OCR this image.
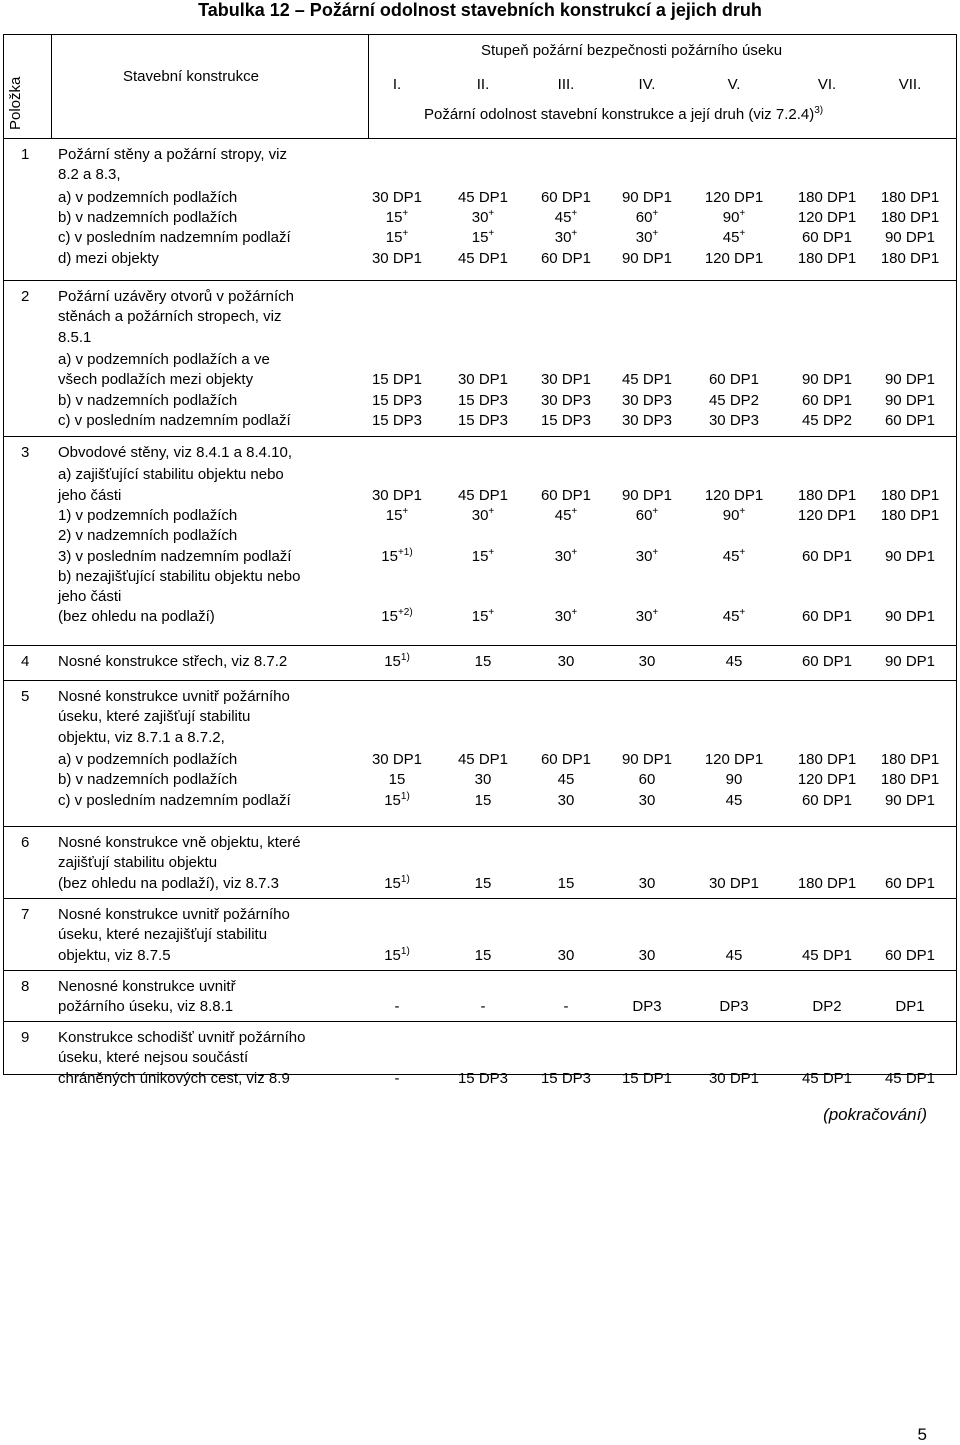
Tabulka 12 – Požární odolnost stavebních konstrukcí a jejich druh
Položka
Stavební konstrukce
Stupeň požární bezpečnosti požárního úseku
Požární odolnost stavební konstrukce a její druh (viz 7.2.4)$^{3)}$
I.	II.	III.	IV.	V.	VI.	VII.
1 Požární stěny a požární stropy, viz
8.2 a 8.3,
a) v podzemních podlažích	30 DP1	45 DP1	60 DP1	90 DP1	120 DP1	180 DP1	180 DP1
b) v nadzemních podlažích	15+	30+	45+	60+	90+	120 DP1	180 DP1
c) v posledním nadzemním podlaží	15+	15+	30+	30+	45+	60 DP1	90 DP1
d) mezi objekty	30 DP1	45 DP1	60 DP1	90 DP1	120 DP1	180 DP1	180 DP1
2 Požární uzávěry otvorů v požárních
stěnách a požárních stropech, viz
8.5.1
a) v podzemních podlažích a ve
všech podlažích mezi objekty	15 DP1	30 DP1	30 DP1	45 DP1	60 DP1	90 DP1	90 DP1
b) v nadzemních podlažích	15 DP3	15 DP3	30 DP3	30 DP3	45 DP2	60 DP1	90 DP1
c) v posledním nadzemním podlaží	15 DP3	15 DP3	15 DP3	30 DP3	30 DP3	45 DP2	60 DP1
3 Obvodové stěny, viz 8.4.1 a 8.4.10,
a) zajišťující stabilitu objektu nebo
jeho části	30 DP1	45 DP1	60 DP1	90 DP1	120 DP1	180 DP1	180 DP1
1) v podzemních podlažích	15+	30+	45+	60+	90+	120 DP1	180 DP1
2) v nadzemních podlažích
3) v posledním nadzemním podlaží	$15^{+1)}$	15+	30+	30+	45+	60 DP1	90 DP1
b) nezajišťující stabilitu objektu nebo
jeho části
(bez ohledu na podlaží)	$15^{+2)}$	15+	30+	30+	45+	60 DP1	90 DP1
4 Nosné konstrukce střech, viz 8.7.2	15$^{1)}$	15	30	30	45	60 DP1	90 DP1
5 Nosné konstrukce uvnitř požárního
úseku, které zajišťují stabilitu
objektu, viz 8.7.1 a 8.7.2,
a) v podzemních podlažích	30 DP1	45 DP1	60 DP1	90 DP1	120 DP1	180 DP1	180 DP1
b) v nadzemních podlažích	15	30	45	60	90	120 DP1	180 DP1
c) v posledním nadzemním podlaží	15$^{1)}$	15	30	30	45	60 DP1	90 DP1
6 Nosné konstrukce vně objektu, které
zajišťují stabilitu objektu
(bez ohledu na podlaží), viz 8.7.3	15$^{1)}$	15	15	30	30 DP1	180 DP1	60 DP1
7 Nosné konstrukce uvnitř požárního
úseku, které nezajišťují stabilitu
objektu, viz 8.7.5	15$^{1)}$	15	30	30	45	45 DP1	60 DP1
8 Nenosné konstrukce uvnitř
požárního úseku, viz 8.8.1	-	-	-	DP3	DP3	DP2	DP1
9 Konstrukce schodišť uvnitř požárního
úseku, které nejsou součástí
chráněných únikových cest, viz 8.9	-	15 DP3	15 DP3	15 DP1	30 DP1	45 DP1	45 DP1
(pokračování)
5
